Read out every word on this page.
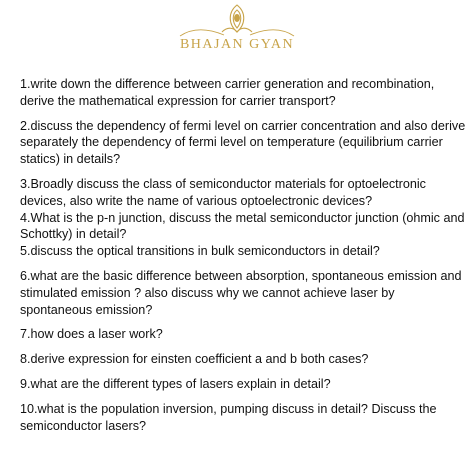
BHAJAN GYAN

1.write down the difference between carrier generation and recombination, derive the mathematical expression for carrier transport?

2.discuss the dependency of fermi level on carrier concentration and also derive separately the dependency of fermi level on temperature (equilibrium carrier statics) in details?

3.Broadly discuss the class of semiconductor materials for optoelectronic devices, also write the name of various optoelectronic devices?

4.What is the p-n junction, discuss the metal semiconductor junction (ohmic and Schottky) in detail?

5.discuss the optical transitions in bulk semiconductors in detail?

6.what are the basic difference between absorption, spontaneous emission and stimulated emission ? also discuss why we cannot achieve laser by spontaneous emission?

7.how does a laser work?

8.derive expression for einsten coefficient a and b both cases?

9.what are the different types of lasers explain in detail?

10.what is the population inversion, pumping discuss in detail? Discuss the semiconductor lasers?
